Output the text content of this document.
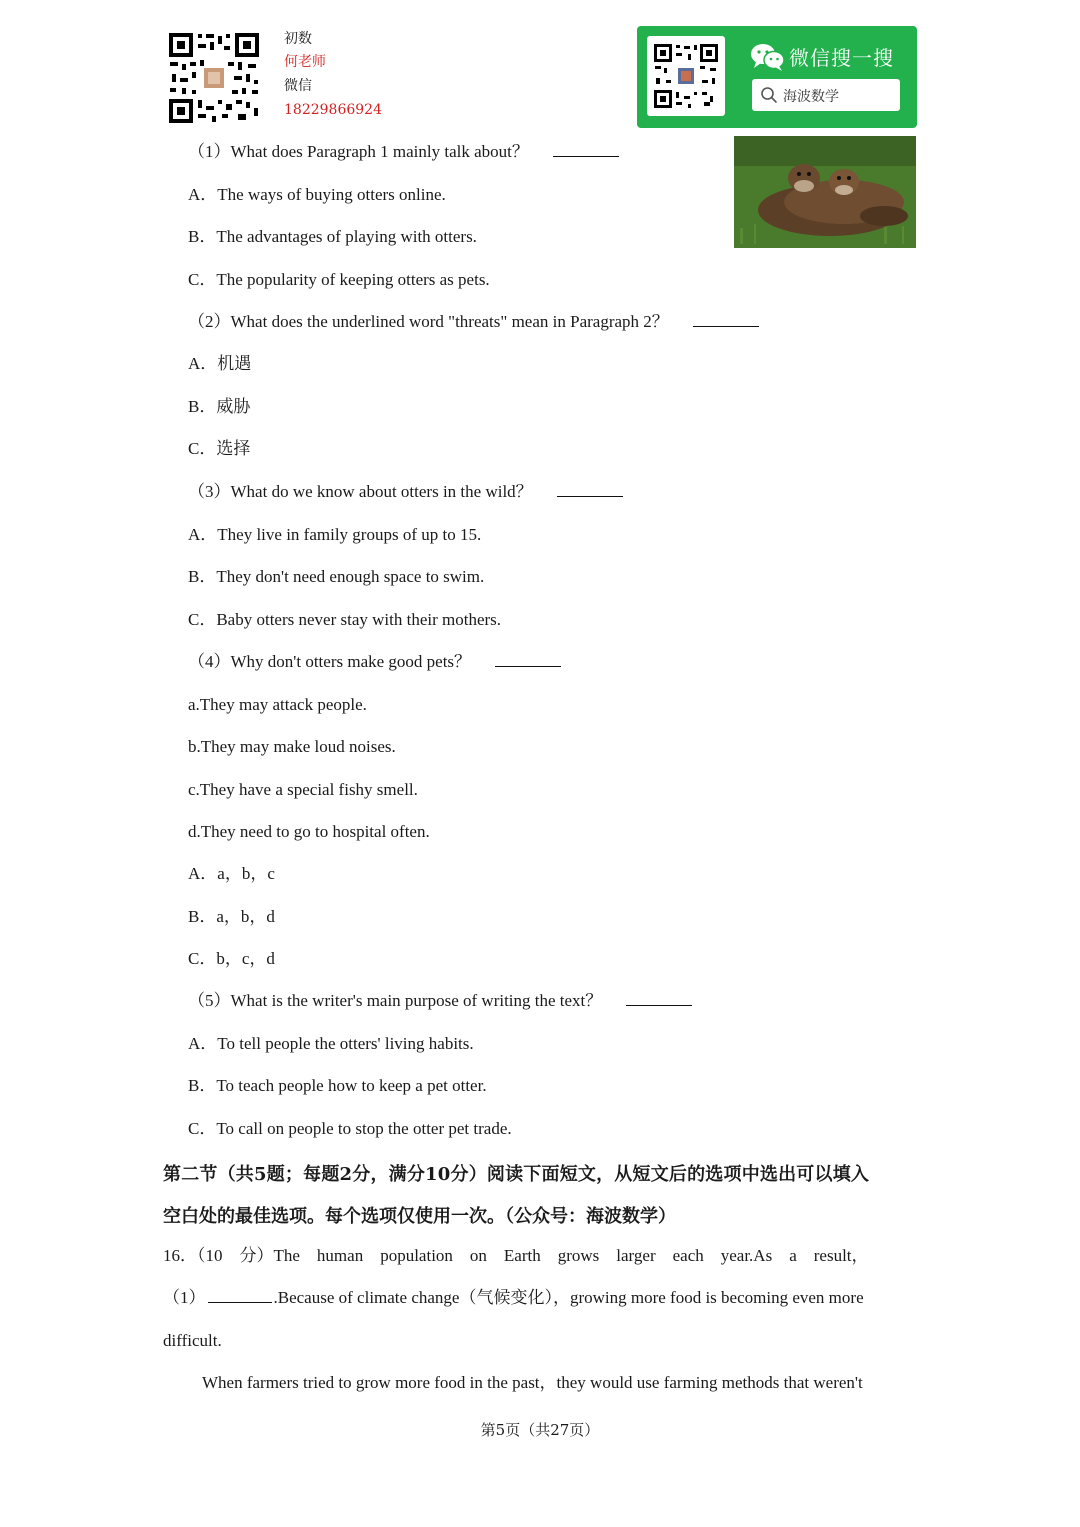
初数
何老师
微信
18229866924
微信搜一搜
海波数学
（1）What does Paragraph 1 mainly talk about？
A．The ways of buying otters online.
B．The advantages of playing with otters.
C．The popularity of keeping otters as pets.
（2）What does the underlined word "threats" mean in Paragraph 2？
A．机遇
B．威胁
C．选择
（3）What do we know about otters in the wild？
A．They live in family groups of up to 15.
B．They don't need enough space to swim.
C．Baby otters never stay with their mothers.
（4）Why don't otters make good pets？
a.They may attack people.
b.They may make loud noises.
c.They have a special fishy smell.
d.They need to go to hospital often.
A．a，b，c
B．a，b，d
C．b，c，d
（5）What is the writer's main purpose of writing the text？
A．To tell people the otters' living habits.
B．To teach people how to keep a pet otter.
C．To call on people to stop the otter pet trade.
第二节（共5题；每题2分，满分10分）阅读下面短文，从短文后的选项中选出可以填入
空白处的最佳选项。每个选项仅使用一次。（公众号：海波数学）
16．（10　分）The　human　population　on　Earth　grows　larger　each　year.As　a　result，
（1）	.Because of climate change（气候变化），growing more food is becoming even more
difficult.
When farmers tried to grow more food in the past，they would use farming methods that weren't
第5页（共27页）
